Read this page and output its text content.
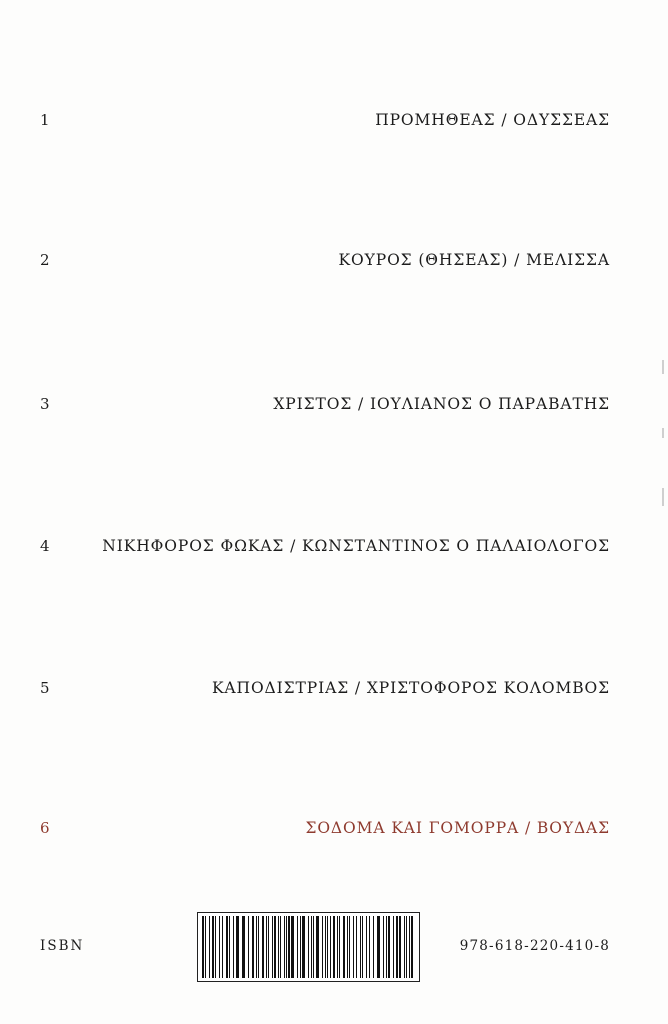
1	ΠΡΟΜΗΘΕΑΣ / ΟΔΥΣΣΕΑΣ
2	ΚΟΥΡΟΣ (ΘΗΣΕΑΣ) / ΜΕΛΙΣΣΑ
3	ΧΡΙΣΤΟΣ / ΙΟΥΛΙΑΝΟΣ Ο ΠΑΡΑΒΑΤΗΣ
4	ΝΙΚΗΦΟΡΟΣ ΦΩΚΑΣ / ΚΩΝΣΤΑΝΤΙΝΟΣ Ο ΠΑΛΑΙΟΛΟΓΟΣ
5	ΚΑΠΟΔΙΣΤΡΙΑΣ / ΧΡΙΣΤΟΦΟΡΟΣ ΚΟΛΟΜΒΟΣ
6	ΣΟΔΟΜΑ ΚΑΙ ΓΟΜΟΡΡΑ / ΒΟΥΔΑΣ
ISBN	978-618-220-410-8
